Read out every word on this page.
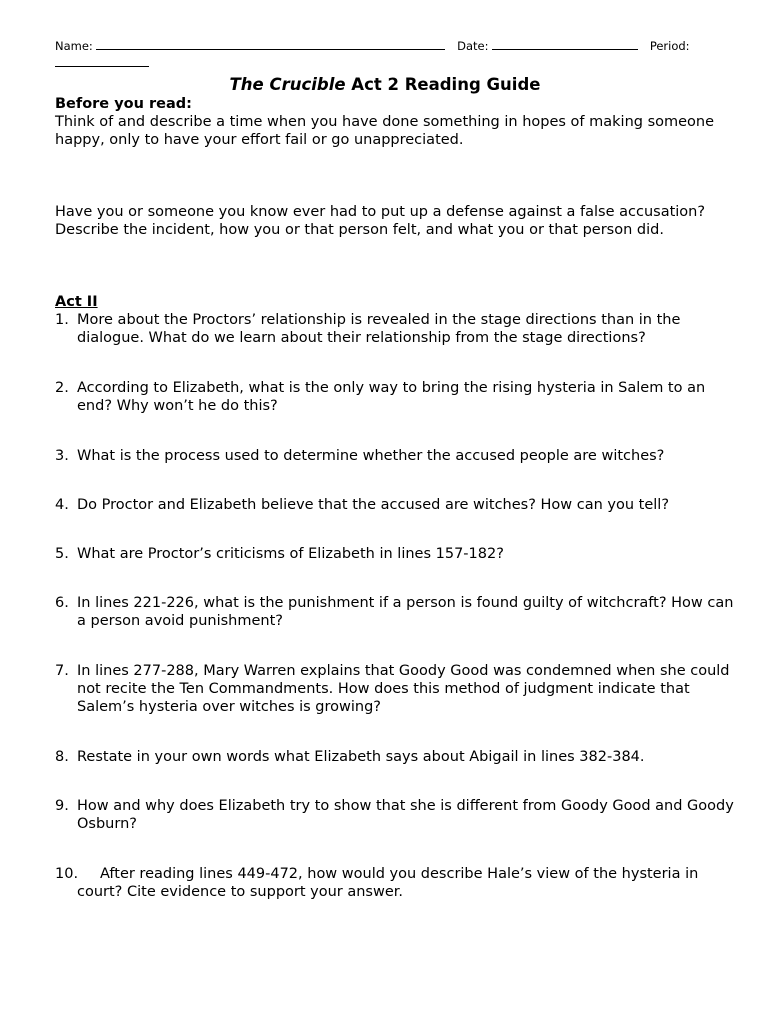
Name:	Date:	Period:
The Crucible Act 2 Reading Guide

Before you read:

Think of and describe a time when you have done something in hopes of making someone happy, only to have your effort fail or go unappreciated.

Have you or someone you know ever had to put up a defense against a false accusation? Describe the incident, how you or that person felt, and what you or that person did.

Act II

1. More about the Proctors’ relationship is revealed in the stage directions than in the dialogue. What do we learn about their relationship from the stage directions?
2. According to Elizabeth, what is the only way to bring the rising hysteria in Salem to an end? Why won’t he do this?
3. What is the process used to determine whether the accused people are witches?
4. Do Proctor and Elizabeth believe that the accused are witches? How can you tell?
5. What are Proctor’s criticisms of Elizabeth in lines 157-182?
6. In lines 221-226, what is the punishment if a person is found guilty of witchcraft? How can a person avoid punishment?
7. In lines 277-288, Mary Warren explains that Goody Good was condemned when she could not recite the Ten Commandments. How does this method of judgment indicate that Salem’s hysteria over witches is growing?
8. Restate in your own words what Elizabeth says about Abigail in lines 382-384.
9. How and why does Elizabeth try to show that she is different from Goody Good and Goody Osburn?
10.	After reading lines 449-472, how would you describe Hale’s view of the hysteria in court? Cite evidence to support your answer.
